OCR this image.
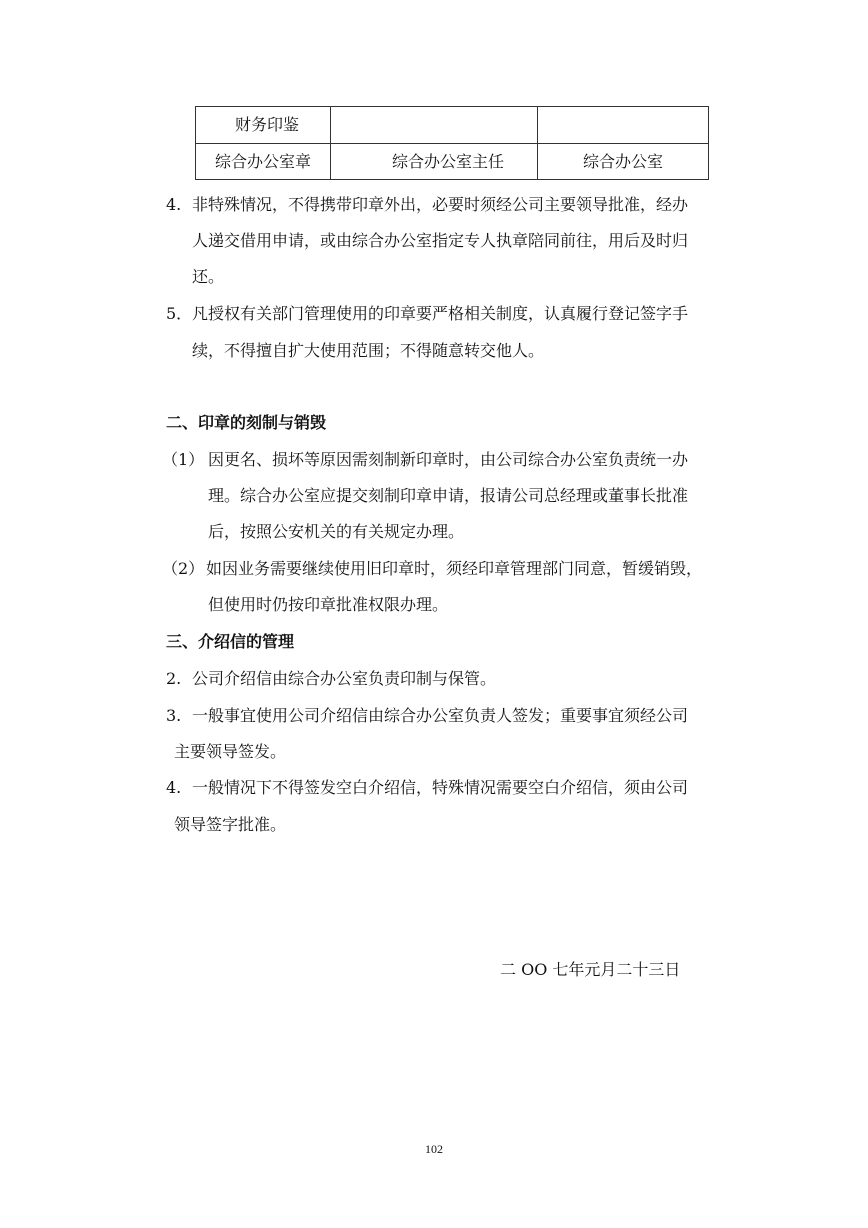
财务印鉴
综合办公室章	综合办公室主任	综合办公室
4. 非特殊情况，不得携带印章外出，必要时须经公司主要领导批准，经办
人递交借用申请，或由综合办公室指定专人执章陪同前往，用后及时归
还。
5． 凡授权有关部门管理使用的印章要严格相关制度，认真履行登记签字手
续，不得擅自扩大使用范围；不得随意转交他人。
二、印章的刻制与销毁
（1） 因更名、损坏等原因需刻制新印章时，由公司综合办公室负责统一办
理。综合办公室应提交刻制印章申请，报请公司总经理或董事长批准
后，按照公安机关的有关规定办理。
（2） 如因业务需要继续使用旧印章时，须经印章管理部门同意，暂缓销毁，
但使用时仍按印章批准权限办理。
三、介绍信的管理
2. 公司介绍信由综合办公室负责印制与保管。
3. 一般事宜使用公司介绍信由综合办公室负责人签发；重要事宜须经公司
主要领导签发。
4. 一般情况下不得签发空白介绍信，特殊情况需要空白介绍信，须由公司
领导签字批准。
二 OO 七年元月二十三日
102
